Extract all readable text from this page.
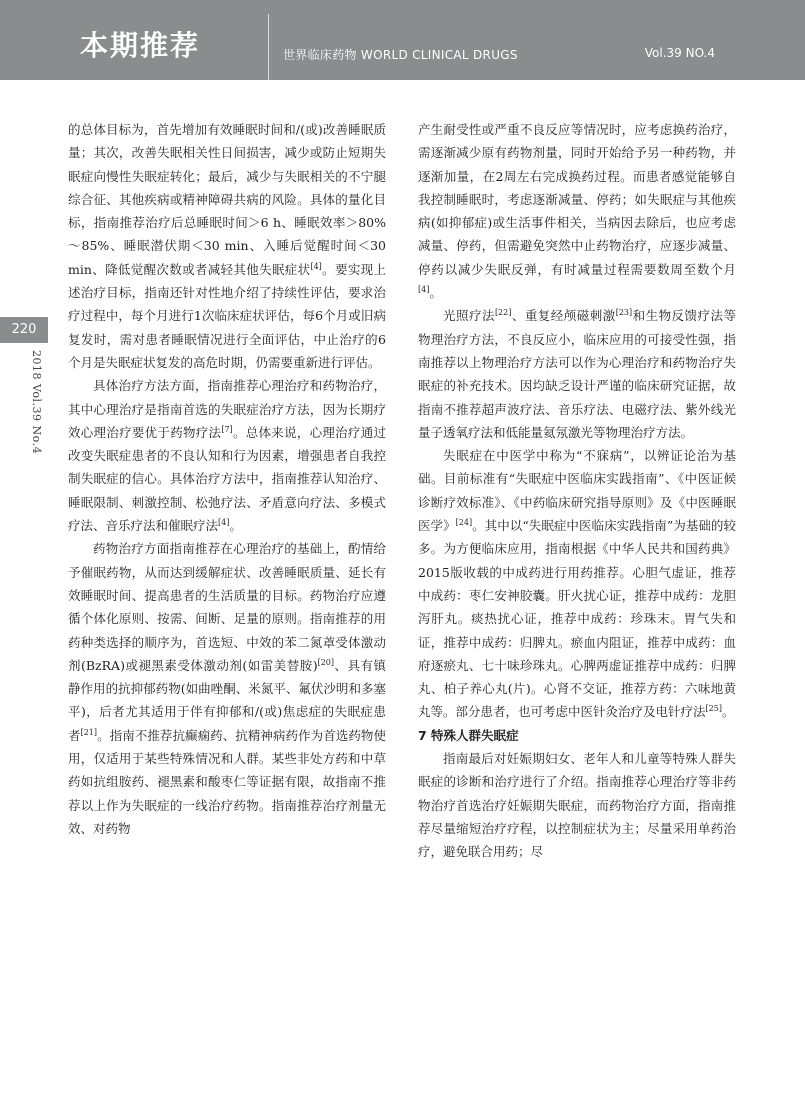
本期推荐	世界临床药物 WORLD CLINICAL DRUGS	Vol.39 NO.4
220
2018 Vol.39 No.4

的总体目标为，首先增加有效睡眠时间和/(或)改善睡眠质量；其次，改善失眠相关性日间损害，减少或防止短期失眠症向慢性失眠症转化；最后，减少与失眠相关的不宁腿综合征、其他疾病或精神障碍共病的风险。具体的量化目标，指南推荐治疗后总睡眠时间＞6 h、睡眠效率＞80%～85%、睡眠潜伏期＜30 min、入睡后觉醒时间＜30 min、降低觉醒次数或者减轻其他失眠症状[4]。要实现上述治疗目标，指南还针对性地介绍了持续性评估，要求治疗过程中，每个月进行1次临床症状评估，每6个月或旧病复发时，需对患者睡眠情况进行全面评估，中止治疗的6个月是失眠症状复发的高危时期，仍需要重新进行评估。

具体治疗方法方面，指南推荐心理治疗和药物治疗，其中心理治疗是指南首选的失眠症治疗方法，因为长期疗效心理治疗要优于药物疗法[7]。总体来说，心理治疗通过改变失眠症患者的不良认知和行为因素，增强患者自我控制失眠症的信心。具体治疗方法中，指南推荐认知治疗、睡眠限制、刺激控制、松弛疗法、矛盾意向疗法、多模式疗法、音乐疗法和催眠疗法[4]。

药物治疗方面指南推荐在心理治疗的基础上，酌情给予催眠药物，从而达到缓解症状、改善睡眠质量、延长有效睡眠时间、提高患者的生活质量的目标。药物治疗应遵循个体化原则、按需、间断、足量的原则。指南推荐的用药种类选择的顺序为，首选短、中效的苯二氮䓬受体激动剂(BzRA)或褪黑素受体激动剂(如雷美替胺)[20]、具有镇静作用的抗抑郁药物(如曲唑酮、米氮平、氟伏沙明和多塞平)，后者尤其适用于伴有抑郁和/(或)焦虑症的失眠症患者[21]。指南不推荐抗癫痫药、抗精神病药作为首选药物使用，仅适用于某些特殊情况和人群。某些非处方药和中草药如抗组胺药、褪黑素和酸枣仁等证据有限，故指南不推荐以上作为失眠症的一线治疗药物。指南推荐治疗剂量无效、对药物

产生耐受性或严重不良反应等情况时，应考虑换药治疗，需逐渐减少原有药物剂量，同时开始给予另一种药物，并逐渐加量，在2周左右完成换药过程。而患者感觉能够自我控制睡眠时，考虑逐渐减量、停药；如失眠症与其他疾病(如抑郁症)或生活事件相关，当病因去除后，也应考虑减量、停药，但需避免突然中止药物治疗，应逐步减量、停药以减少失眠反弹，有时减量过程需要数周至数个月[4]。

光照疗法[22]、重复经颅磁刺激[23]和生物反馈疗法等物理治疗方法，不良反应小，临床应用的可接受性强，指南推荐以上物理治疗方法可以作为心理治疗和药物治疗失眠症的补充技术。因均缺乏设计严谨的临床研究证据，故指南不推荐超声波疗法、音乐疗法、电磁疗法、紫外线光量子透氧疗法和低能量氦氖激光等物理治疗方法。

失眠症在中医学中称为“不寐病”，以辨证论治为基础。目前标准有“失眠症中医临床实践指南”、《中医证候诊断疗效标准》、《中药临床研究指导原则》及《中医睡眠医学》[24]。其中以“失眠症中医临床实践指南”为基础的较多。为方便临床应用，指南根据《中华人民共和国药典》2015版收载的中成药进行用药推荐。心胆气虚证，推荐中成药：枣仁安神胶囊。肝火扰心证，推荐中成药：龙胆泻肝丸。痰热扰心证，推荐中成药：珍珠末。胃气失和证，推荐中成药：归脾丸。瘀血内阻证，推荐中成药：血府逐瘀丸、七十味珍珠丸。心脾两虚证推荐中成药：归脾丸、柏子养心丸(片)。心肾不交证，推荐方药：六味地黄丸等。部分患者，也可考虑中医针灸治疗及电针疗法[25]。

7 特殊人群失眠症

指南最后对妊娠期妇女、老年人和儿童等特殊人群失眠症的诊断和治疗进行了介绍。指南推荐心理治疗等非药物治疗首选治疗妊娠期失眠症，而药物治疗方面，指南推荐尽量缩短治疗疗程，以控制症状为主；尽量采用单药治疗，避免联合用药；尽
